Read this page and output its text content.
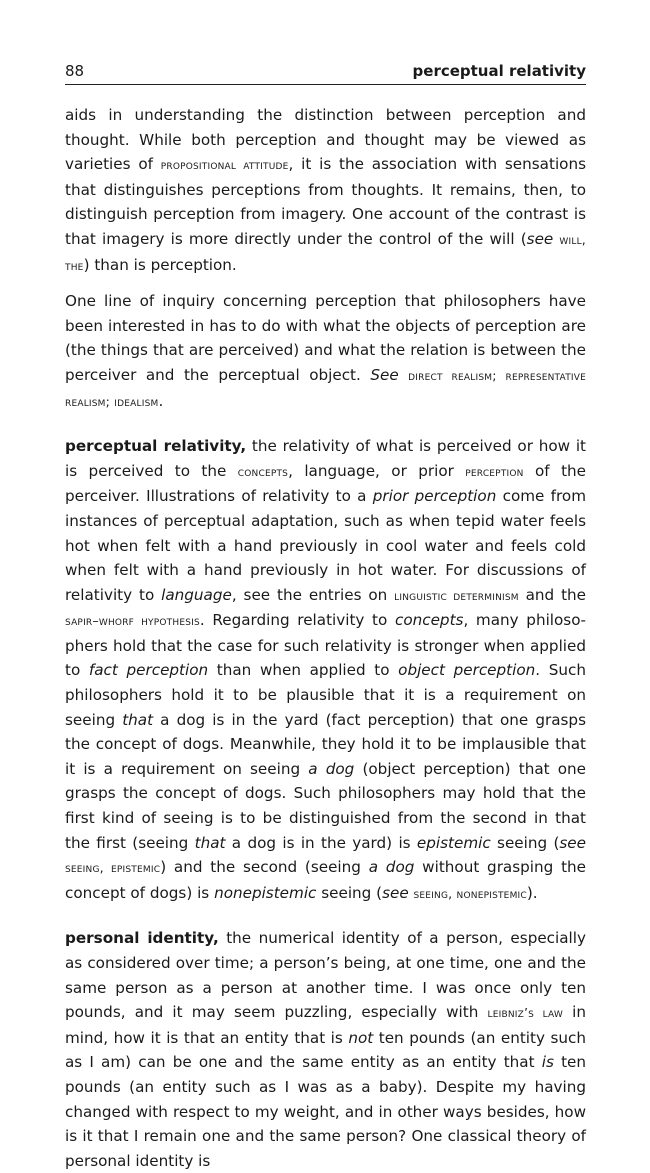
88	perceptual relativity

aids in understanding the distinction between perception and thought. While both perception and thought may be viewed as varieties of propositional attitude, it is the association with sensations that distinguishes perceptions from thoughts. It remains, then, to distinguish perception from imagery. One account of the contrast is that imagery is more directly under the control of the will (see will, the) than is perception.

One line of inquiry concerning perception that philosophers have been interested in has to do with what the objects of perception are (the things that are perceived) and what the relation is between the perceiver and the perceptual object. See direct realism; representative realism; idealism.

perceptual relativity, the relativity of what is perceived or how it is perceived to the concepts, language, or prior perception of the perceiver. Illustrations of relativity to a prior perception come from instances of perceptual adaptation, such as when tepid water feels hot when felt with a hand previously in cool water and feels cold when felt with a hand previously in hot water. For discussions of relativity to language, see the entries on linguistic determinism and the sapir–whorf hypothesis. Regarding relativity to concepts, many philosophers hold that the case for such relativity is stronger when applied to fact perception than when applied to object perception. Such philosophers hold it to be plausible that it is a requirement on seeing that a dog is in the yard (fact perception) that one grasps the concept of dogs. Meanwhile, they hold it to be implausible that it is a requirement on seeing a dog (object perception) that one grasps the concept of dogs. Such philosophers may hold that the first kind of seeing is to be distinguished from the second in that the first (seeing that a dog is in the yard) is epistemic seeing (see seeing, epistemic) and the second (seeing a dog without grasping the concept of dogs) is nonepistemic seeing (see seeing, nonepistemic).

personal identity, the numerical identity of a person, especially as considered over time; a person’s being, at one time, one and the same person as a person at another time. I was once only ten pounds, and it may seem puzzling, especially with leibniz’s law in mind, how it is that an entity that is not ten pounds (an entity such as I am) can be one and the same entity as an entity that is ten pounds (an entity such as I was as a baby). Despite my having changed with respect to my weight, and in other ways besides, how is it that I remain one and the same person? One classical theory of personal identity is
